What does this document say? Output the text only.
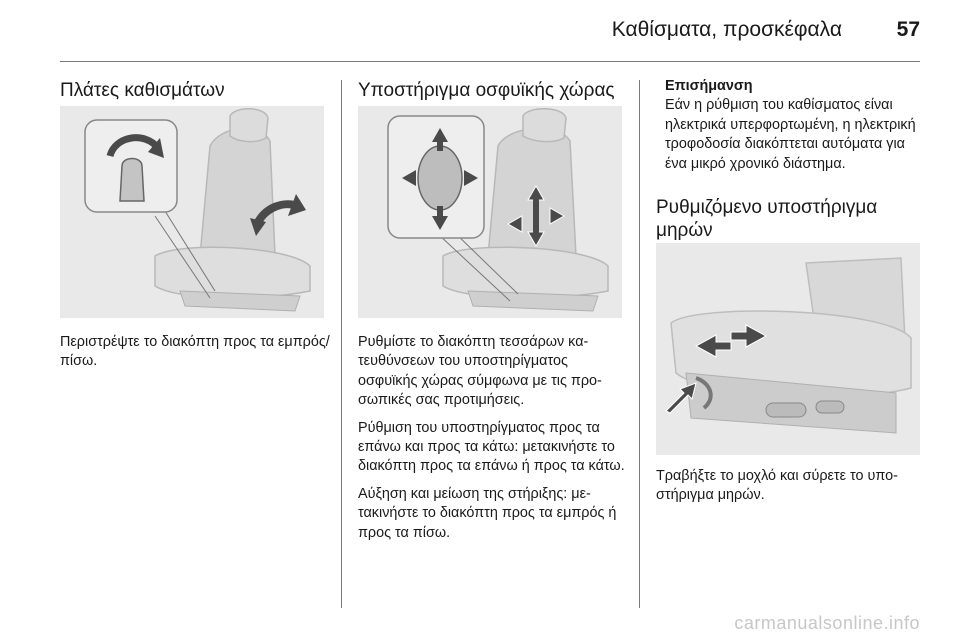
Καθίσματα, προσκέφαλα	57
Πλάτες καθισμάτων

Περιστρέψτε το διακόπτη προς τα εμπρός/πίσω.

Υποστήριγμα οσφυϊκής χώρας

Ρυθμίστε το διακόπτη τεσσάρων κατευθύνσεων του υποστηρίγματος οσφυϊκής χώρας σύμφωνα με τις προσωπικές σας προτιμήσεις.

Ρύθμιση του υποστηρίγματος προς τα επάνω και προς τα κάτω: μετακινήστε το διακόπτη προς τα επάνω ή προς τα κάτω.

Αύξηση και μείωση της στήριξης: μετακινήστε το διακόπτη προς τα εμπρός ή προς τα πίσω.

Επισήμανση
Εάν η ρύθμιση του καθίσματος είναι ηλεκτρικά υπερφορτωμένη, η ηλεκτρική τροφοδοσία διακόπτεται αυτόματα για ένα μικρό χρονικό διάστημα.
Ρυθμιζόμενο υποστήριγμα μηρών

Τραβήξτε το μοχλό και σύρετε το υποστήριγμα μηρών.

carmanualsonline.info
